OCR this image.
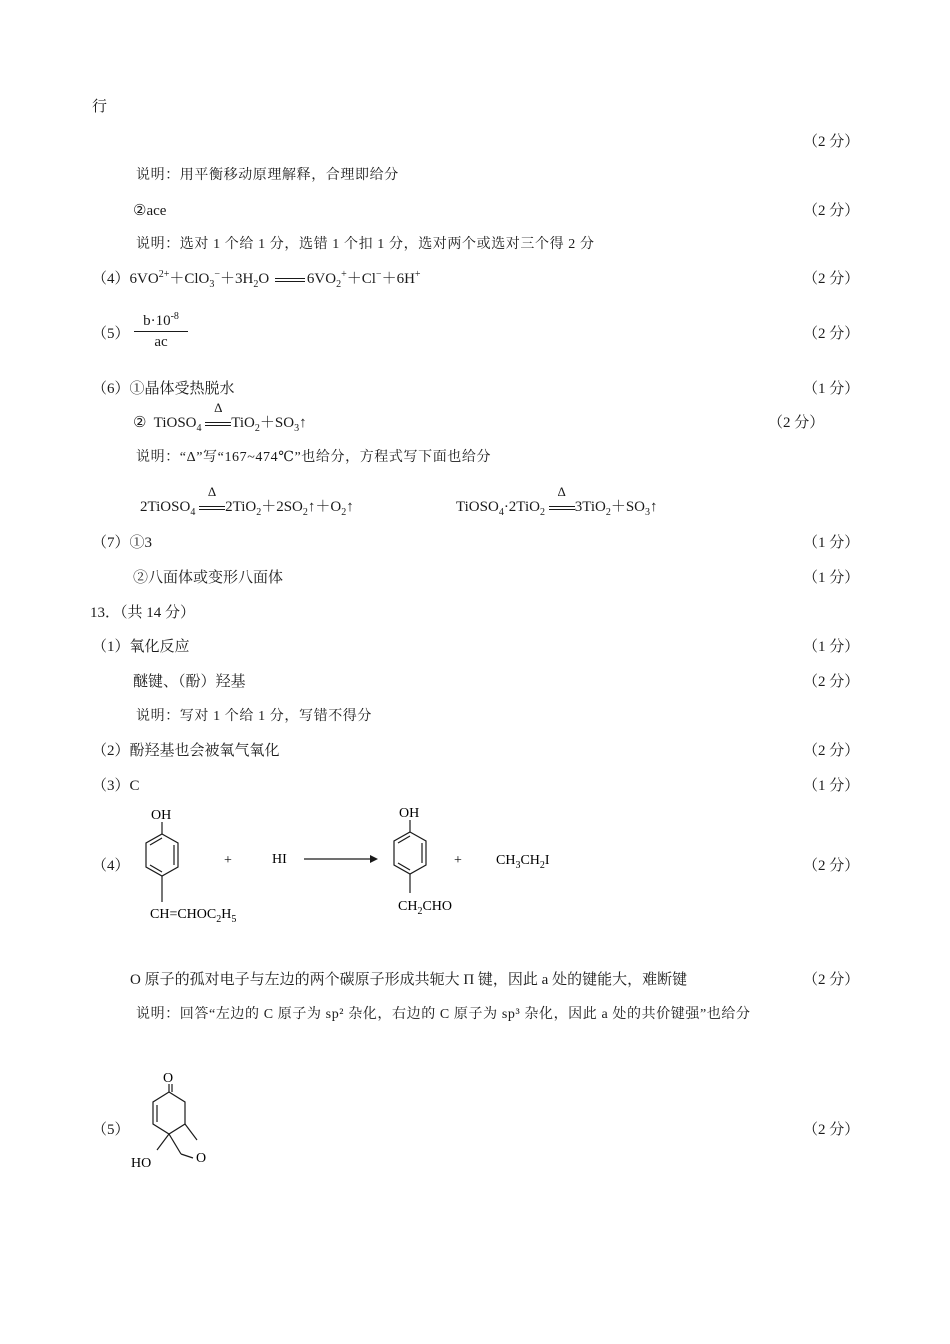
行
（2 分）
说明：用平衡移动原理解释，合理即给分
②ace	（2 分）
说明：选对 1 个给 1 分，选错 1 个扣 1 分，选对两个或选对三个得 2 分
$(4)6VO^{2+}+ClO_3^-+3H_2O$ $6VO_2^++Cl^-+6H^+$	（2 分）
（5）
$b\cdot 10^{-8}$
ac	（2 分）
（6）①晶体受热脱水	（1 分）
②  TiOSO$_4$
Δ
$TiO_2+SO_3↑$	（2 分）
说明：“Δ”写“167~474℃”也给分，方程式写下面也给分
2TiOSO$_4$
Δ
$2TiO_2+2SO_2↑+O_2↑$	TiOSO$_4$·2TiO$_2$
Δ
$3TiO_2+SO_3↑$
（7）①3	（1 分）
②八面体或变形八面体	（1 分）
13．（共 14 分）
（1）氧化反应	（1 分）
醚键、（酚）羟基	（2 分）
说明：写对 1 个给 1 分，写错不得分
（2）酚羟基也会被氧气氧化	（2 分）
（3）C	（1 分）
（4）
OH
$CH=CHOC_2H_5$
+	HI
OH
$CH_2CHO$
+ $CH_3CH_2I$	（2 分）
O 原子的孤对电子与左边的两个碳原子形成共轭大 Π 键，因此 a 处的键能大，难断键	（2 分）
说明：回答“左边的 C 原子为 sp² 杂化，右边的 C 原子为 sp³ 杂化，因此 a 处的共价键强”也给分
（5）
O
O
HO
（2 分）
